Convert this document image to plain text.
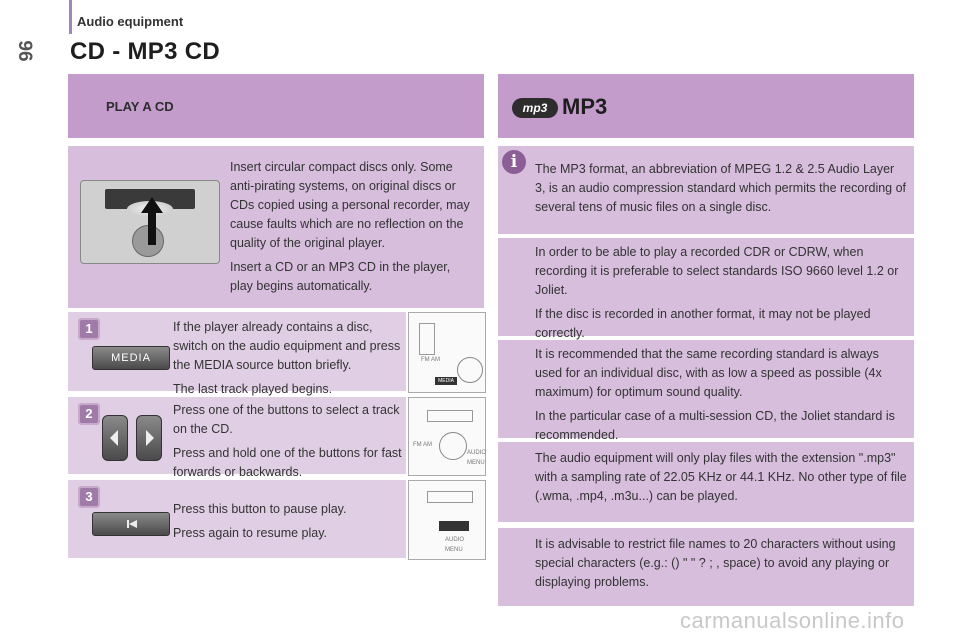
Audio equipment
96 CD - MP3 CD
PLAY A CD

Insert circular compact discs only. Some anti-pirating systems, on original discs or CDs copied using a personal recorder, may cause faults which are no reflection on the quality of the original player.

Insert a CD or an MP3 CD in the player, play begins automatically.

1
MEDIA

If the player already contains a disc, switch on the audio equipment and press the MEDIA source button briefly.

The last track played begins.

FM AM
MEDIA
2	Press one of the buttons to select a track on the CD.

Press and hold one of the buttons for fast forwards or backwards.

FM AM
AUDIO
MENU
3

Press this button to pause play.

Press again to resume play.	AUDIO
MENU
mp3 MP3
i	The MP3 format, an abbreviation of MPEG 1.2 & 2.5 Audio Layer 3, is an audio compression standard which permits the recording of several tens of music files on a single disc.

In order to be able to play a recorded CDR or CDRW, when recording it is preferable to select standards ISO 9660 level 1.2 or Joliet.

If the disc is recorded in another format, it may not be played correctly.

It is recommended that the same recording standard is always used for an individual disc, with as low a speed as possible (4x maximum) for optimum sound quality.

In the particular case of a multi-session CD, the Joliet standard is recommended.

The audio equipment will only play files with the extension ".mp3" with a sampling rate of 22.05 KHz or 44.1 KHz. No other type of file (.wma, .mp4, .m3u...) can be played.

It is advisable to restrict file names to 20 characters without using special characters (e.g.: () " " ? ; , space) to avoid any playing or displaying problems.

carmanualsonline.info
